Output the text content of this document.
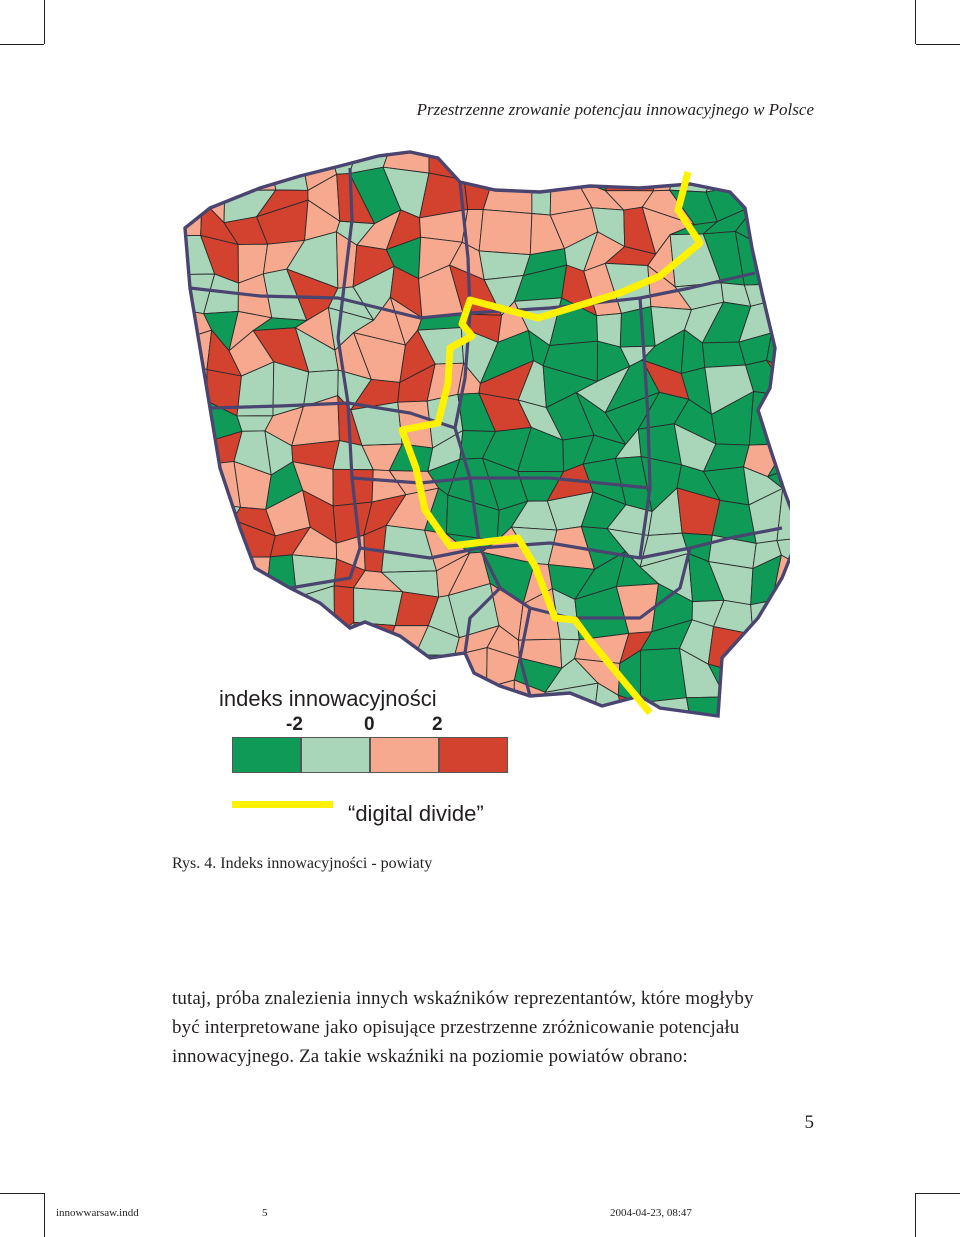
Przestrzenne zrowanie potencjau innowacyjnego w Polsce
indeks innowacyjności
-2	0	2
“digital divide”
Rys. 4. Indeks innowacyjności - powiaty
tutaj, próba znalezienia innych wskaźników reprezentantów, które mogłyby
być interpretowane jako opisujące przestrzenne zróżnicowanie potencjału
innowacyjnego. Za takie wskaźniki na poziomie powiatów obrano:
5
innowwarsaw.indd	5	2004-04-23, 08:47
